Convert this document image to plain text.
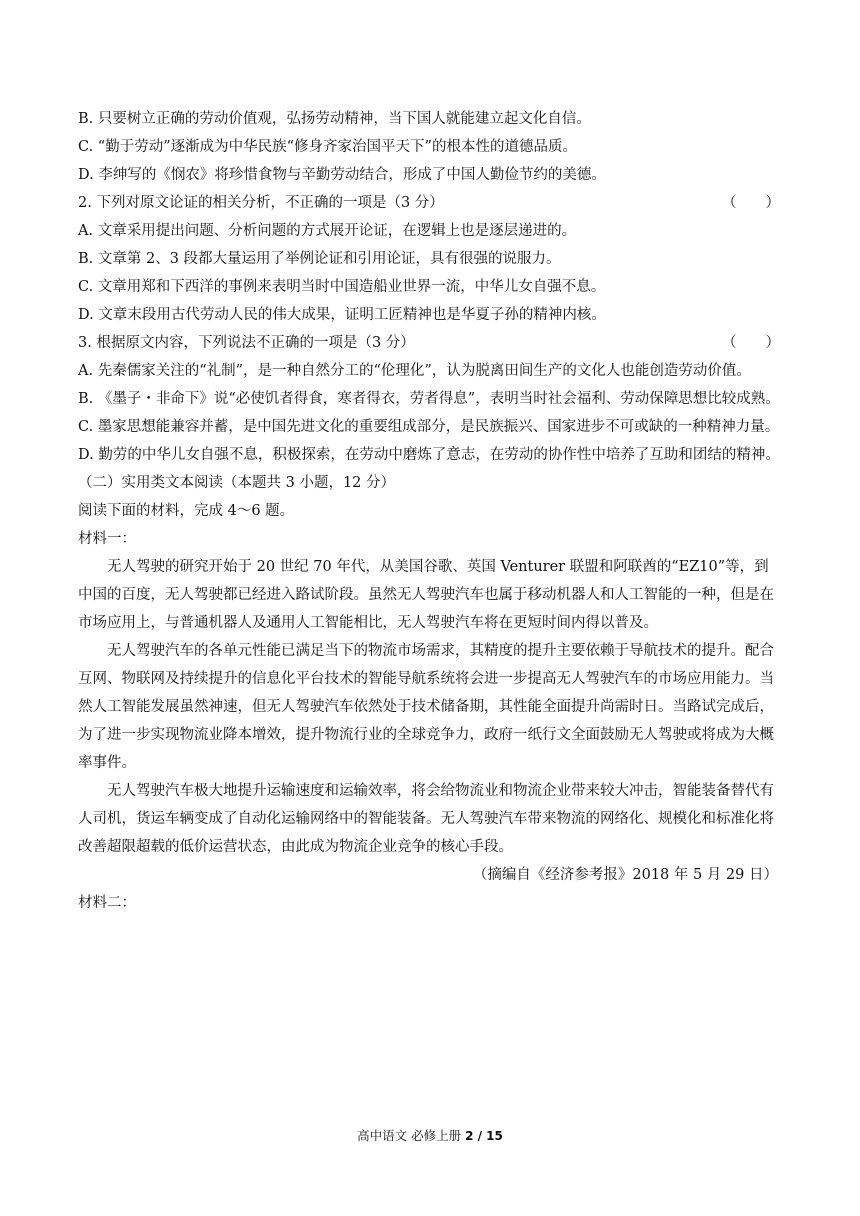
B. 只要树立正确的劳动价值观，弘扬劳动精神，当下国人就能建立起文化自信。
C. “勤于劳动”逐渐成为中华民族“修身齐家治国平天下”的根本性的道德品质。
D. 李绅写的《悯农》将珍惜食物与辛勤劳动结合，形成了中国人勤俭节约的美德。
2. 下列对原文论证的相关分析，不正确的一项是（3 分）	（　　）
A. 文章采用提出问题、分析问题的方式展开论证，在逻辑上也是逐层递进的。
B. 文章第 2、3 段都大量运用了举例论证和引用论证，具有很强的说服力。
C. 文章用郑和下西洋的事例来表明当时中国造船业世界一流，中华儿女自强不息。
D. 文章末段用古代劳动人民的伟大成果，证明工匠精神也是华夏子孙的精神内核。
3. 根据原文内容，下列说法不正确的一项是（3 分）	（　　）
A. 先秦儒家关注的“礼制”，是一种自然分工的“伦理化”，认为脱离田间生产的文化人也能创造劳动价值。
B. 《墨子・非命下》说“必使饥者得食，寒者得衣，劳者得息”，表明当时社会福利、劳动保障思想比较成熟。
C. 墨家思想能兼容并蓄，是中国先进文化的重要组成部分，是民族振兴、国家进步不可或缺的一种精神力量。
D. 勤劳的中华儿女自强不息，积极探索，在劳动中磨炼了意志，在劳动的协作性中培养了互助和团结的精神。
（二）实用类文本阅读（本题共 3 小题，12 分）
阅读下面的材料，完成 4～6 题。
材料一：
无人驾驶的研究开始于 20 世纪 70 年代，从美国谷歌、英国 Venturer 联盟和阿联酋的“EZ10”等，到中国的百度，无人驾驶都已经进入路试阶段。虽然无人驾驶汽车也属于移动机器人和人工智能的一种，但是在市场应用上，与普通机器人及通用人工智能相比，无人驾驶汽车将在更短时间内得以普及。
无人驾驶汽车的各单元性能已满足当下的物流市场需求，其精度的提升主要依赖于导航技术的提升。配合互网、物联网及持续提升的信息化平台技术的智能导航系统将会进一步提高无人驾驶汽车的市场应用能力。当然人工智能发展虽然神速，但无人驾驶汽车依然处于技术储备期，其性能全面提升尚需时日。当路试完成后，为了进一步实现物流业降本增效，提升物流行业的全球竞争力，政府一纸行文全面鼓励无人驾驶或将成为大概率事件。
无人驾驶汽车极大地提升运输速度和运输效率，将会给物流业和物流企业带来较大冲击，智能装备替代有人司机，货运车辆变成了自动化运输网络中的智能装备。无人驾驶汽车带来物流的网络化、规模化和标准化将改善超限超载的低价运营状态，由此成为物流企业竞争的核心手段。
（摘编自《经济参考报》2018 年 5 月 29 日）
材料二：
高中语文 必修上册 2 / 15
